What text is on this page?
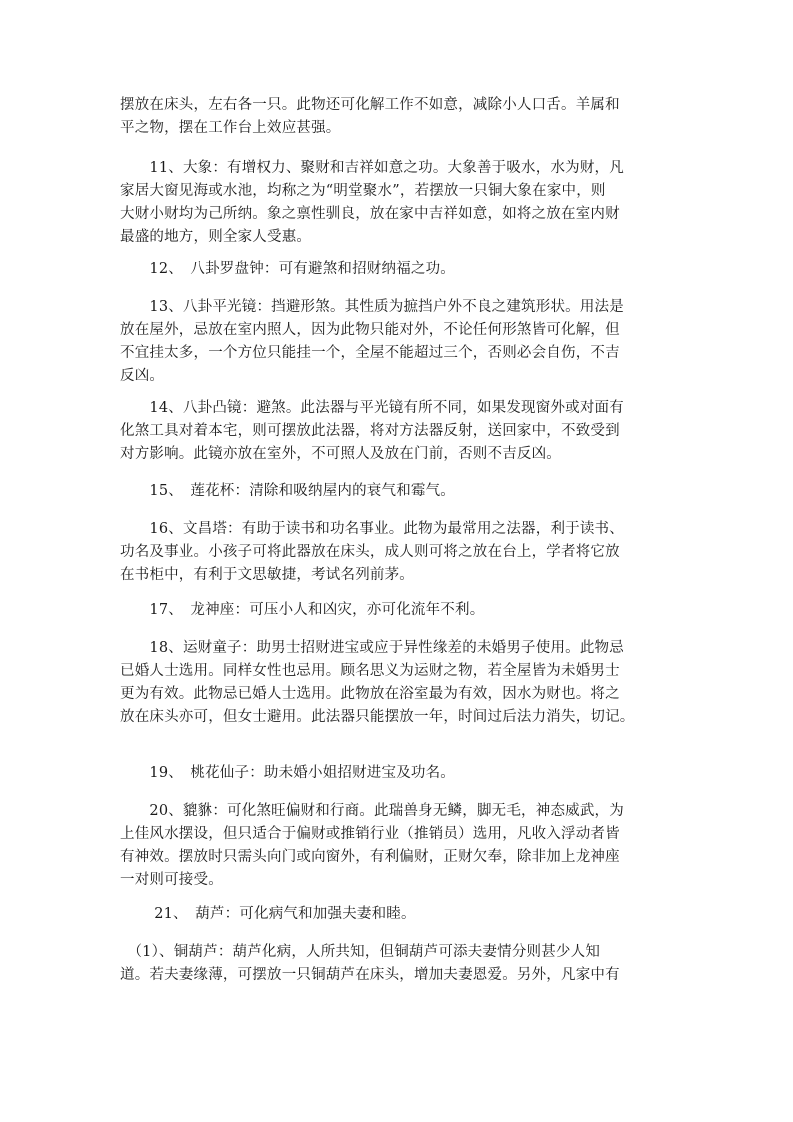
摆放在床头，左右各一只。此物还可化解工作不如意，减除小人口舌。羊属和
平之物，摆在工作台上效应甚强。
　　11、大象：有增权力、聚财和吉祥如意之功。大象善于吸水，水为财，凡
家居大窗见海或水池，均称之为“明堂聚水”，若摆放一只铜大象在家中，则
大财小财均为己所纳。象之禀性驯良，放在家中吉祥如意，如将之放在室内财
最盛的地方，则全家人受惠。
　　12、　八卦罗盘钟：可有避煞和招财纳福之功。
　　13、八卦平光镜：挡避形煞。其性质为摭挡户外不良之建筑形状。用法是
放在屋外，忌放在室内照人，因为此物只能对外，不论任何形煞皆可化解，但
不宜挂太多，一个方位只能挂一个，全屋不能超过三个，否则必会自伤，不吉
反凶。
　　14、八卦凸镜：避煞。此法器与平光镜有所不同，如果发现窗外或对面有
化煞工具对着本宅，则可摆放此法器，将对方法器反射，送回家中，不致受到
对方影响。此镜亦放在室外，不可照人及放在门前，否则不吉反凶。
　　15、　莲花杯：清除和吸纳屋内的衰气和霉气。
　　16、文昌塔：有助于读书和功名事业。此物为最常用之法器，利于读书、
功名及事业。小孩子可将此器放在床头，成人则可将之放在台上，学者将它放
在书柜中，有利于文思敏捷，考试名列前茅。
　　17、　龙神座：可压小人和凶灾，亦可化流年不利。
　　18、运财童子：助男士招财进宝或应于异性缘差的未婚男子使用。此物忌
已婚人士选用。同样女性也忌用。顾名思义为运财之物，若全屋皆为未婚男士
更为有效。此物忌已婚人士选用。此物放在浴室最为有效，因水为财也。将之
放在床头亦可，但女士避用。此法器只能摆放一年，时间过后法力消失，切记。
　　19、　桃花仙子：助未婚小姐招财进宝及功名。
　　20、貔貅：可化煞旺偏财和行商。此瑞兽身无鳞，脚无毛，神态威武，为
上佳风水摆设，但只适合于偏财或推销行业（推销员）选用，凡收入浮动者皆
有神效。摆放时只需头向门或向窗外，有利偏财，正财欠奉，除非加上龙神座
一对则可接受。
　　 21、　葫芦：可化病气和加强夫妻和睦。
　（1）、铜葫芦：葫芦化病，人所共知，但铜葫芦可添夫妻情分则甚少人知
道。若夫妻缘薄，可摆放一只铜葫芦在床头，增加夫妻恩爱。另外，凡家中有
